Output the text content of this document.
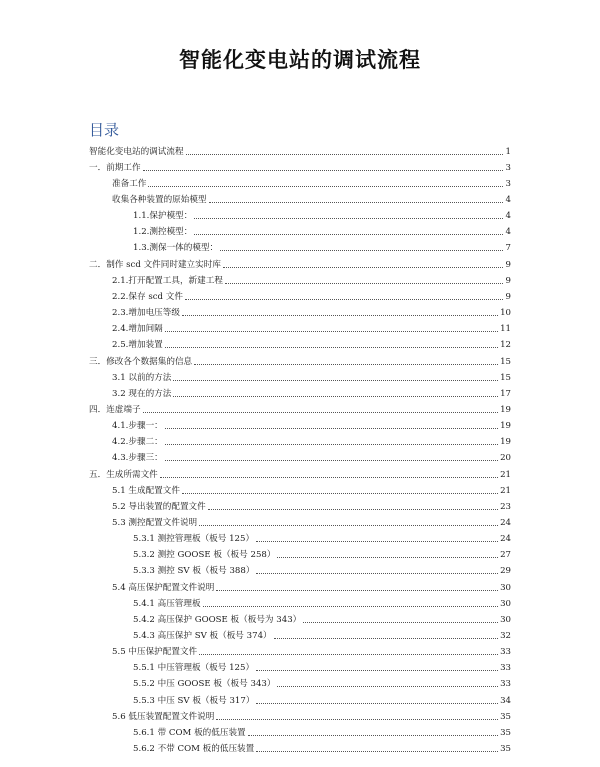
智能化变电站的调试流程
目录
智能化变电站的调试流程	1
一．前期工作	3
准备工作	3
收集各种装置的原始模型	4
1.1.保护模型：	4
1.2.测控模型：	4
1.3.测保一体的模型：	7
二．制作 scd 文件同时建立实时库	9
2.1.打开配置工具，新建工程	9
2.2.保存 scd 文件	9
2.3.增加电压等级	10
2.4.增加间隔	11
2.5.增加装置	12
三．修改各个数据集的信息	15
3.1 以前的方法	15
3.2 现在的方法	17
四．连虚端子	19
4.1.步骤一：	19
4.2.步骤二：	19
4.3.步骤三：	20
五．生成所需文件	21
5.1 生成配置文件	21
5.2 导出装置的配置文件	23
5.3 测控配置文件说明	24
5.3.1 测控管理板（板号 125）	24
5.3.2 测控 GOOSE 板（板号 258）	27
5.3.3 测控 SV 板（板号 388）	29
5.4 高压保护配置文件说明	30
5.4.1 高压管理板	30
5.4.2 高压保护 GOOSE 板（板号为 343）	30
5.4.3 高压保护 SV 板（板号 374）	32
5.5 中压保护配置文件	33
5.5.1 中压管理板（板号 125）	33
5.5.2 中压 GOOSE 板（板号 343）	33
5.5.3 中压 SV 板（板号 317）	34
5.6 低压装置配置文件说明	35
5.6.1 带 COM 板的低压装置	35
5.6.2 不带 COM 板的低压装置	35
